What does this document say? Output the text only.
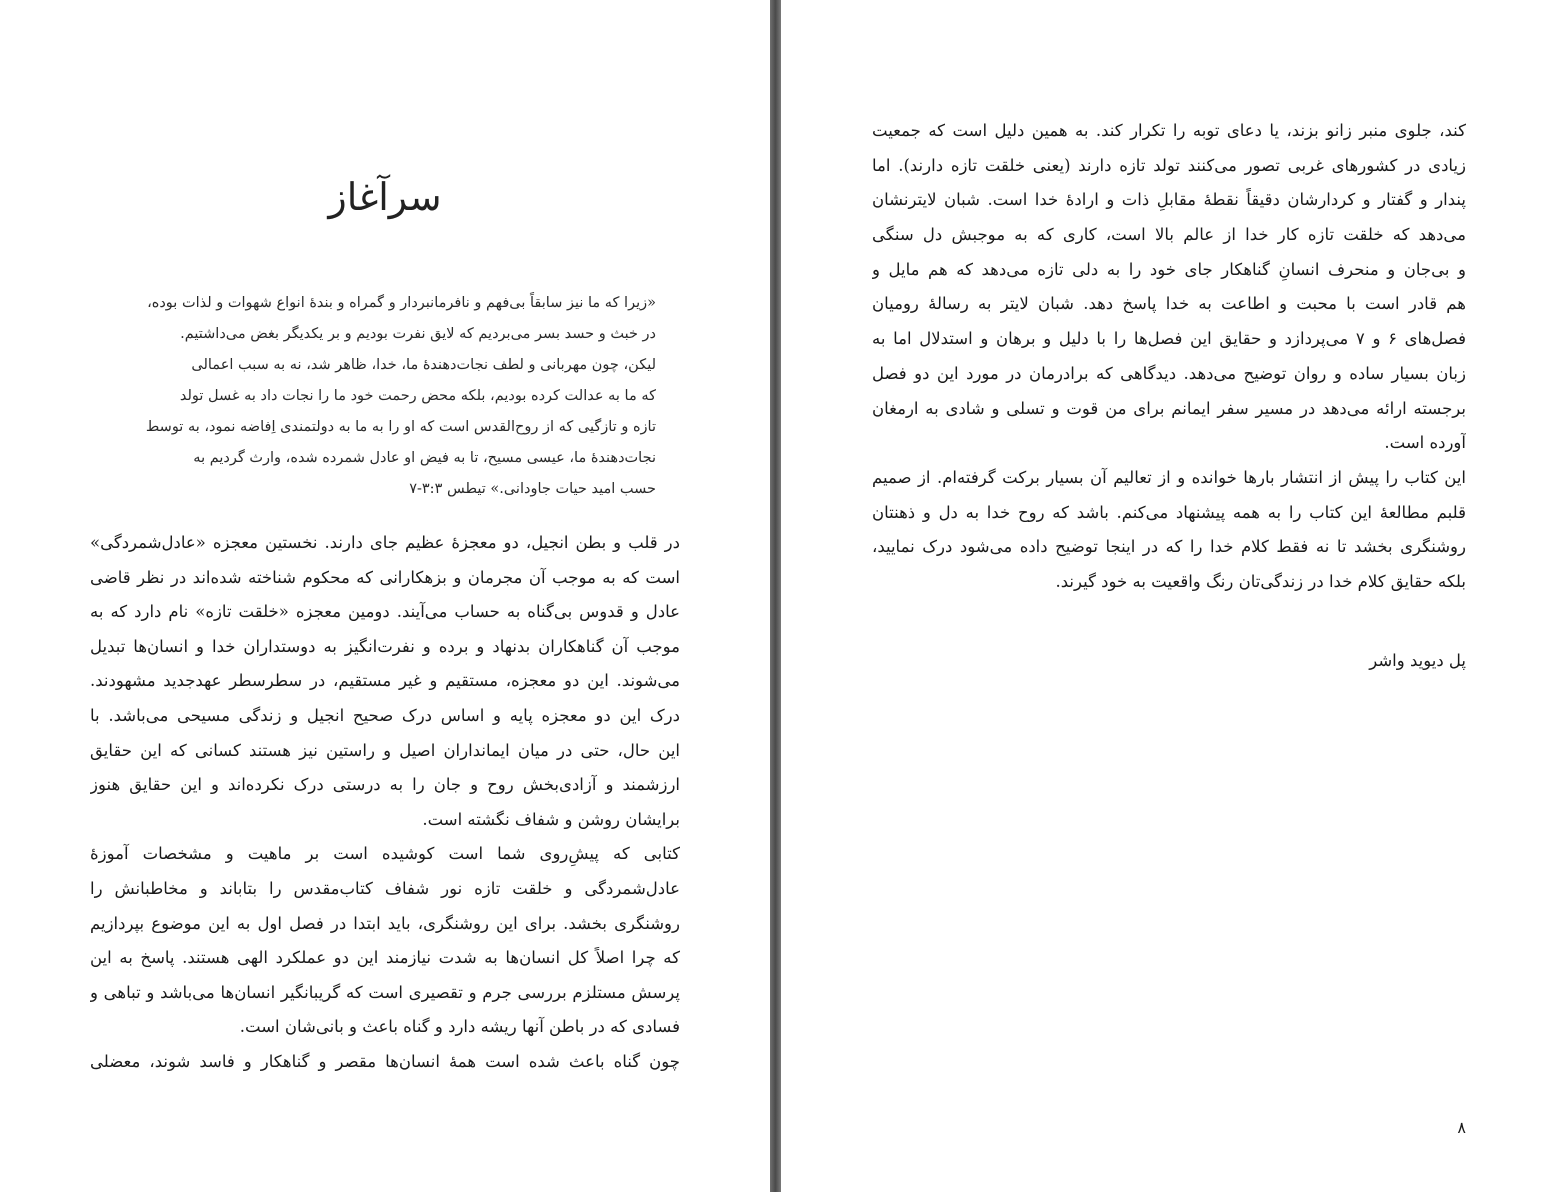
سرآغاز
«زیرا که ما نیز سابقاً بی‌فهم و نافرمانبردار و گمراه و بندهٔ انواع شهوات و لذات بوده،
در خبث و حسد بسر می‌بردیم که لایق نفرت بودیم و بر یکدیگر بغض می‌داشتیم.
لیکن، چون مهربانی و لطف نجات‌دهندهٔ ما، خدا، ظاهر شد، نه به سبب اعمالی
که ما به عدالت کرده بودیم، بلکه محض رحمت خود ما را نجات داد به غسل تولد
تازه و تازگیی که از روح‌القدس است که او را به ما به دولتمندی اِفاضه نمود، به توسط
نجات‌دهندهٔ ما، عیسی مسیح، تا به فیض او عادل شمرده شده، وارث گردیم به
حسب امید حیات جاودانی.» تیطس ۳:۳-۷
در قلب و بطن انجیل، دو معجزهٔ عظیم جای دارند. نخستین معجزه «عادل‌شمردگی»
است که به موجب آن مجرمان و بزهکارانی که محکوم شناخته شده‌اند در نظر قاضی
عادل و قدوس بی‌گناه به حساب می‌آیند. دومین معجزه «خلقت تازه» نام دارد که به
موجب آن گناهکاران بدنهاد و برده و نفرت‌انگیز به دوستداران خدا و انسان‌ها تبدیل
می‌شوند. این دو معجزه، مستقیم و غیر مستقیم، در سطرسطر عهدجدید مشهودند.
درک این دو معجزه پایه و اساس درک صحیح انجیل و زندگی مسیحی می‌باشد. با
این حال، حتی در میان ایمانداران اصیل و راستین نیز هستند کسانی که این حقایق
ارزشمند و آزادی‌بخش روح و جان را به درستی درک نکرده‌اند و این حقایق هنوز
برایشان روشن و شفاف نگشته است.
کتابی که پیش‌ِروی شما است کوشیده است بر ماهیت و مشخصات آموزهٔ
عادل‌شمردگی و خلقت تازه نور شفاف کتاب‌مقدس را بتاباند و مخاطبانش را
روشنگری بخشد. برای این روشنگری، باید ابتدا در فصل اول به این موضوع بپردازیم
که چرا اصلاً کل انسان‌ها به شدت نیازمند این دو عملکرد الهی هستند. پاسخ به این
پرسش مستلزم بررسی جرم و تقصیری است که گریبانگیر انسان‌ها می‌باشد و تباهی و
فسادی که در باطن آنها ریشه دارد و گناه باعث و بانی‌شان است.
چون گناه باعث شده است همهٔ انسان‌ها مقصر و گناهکار و فاسد شوند، معضلی
کند، جلوی منبر زانو بزند، یا دعای توبه را تکرار کند. به همین دلیل است که جمعیت
زیادی در کشورهای غربی تصور می‌کنند تولد تازه دارند (یعنی خلقت تازه دارند). اما
پندار و گفتار و کردارشان دقیقاً نقطهٔ مقابلِ ذات و ارادهٔ خدا است. شبان لایترنشان
می‌دهد که خلقت تازه کار خدا از عالم بالا است، کاری که به موجبش دل سنگی
و بی‌جان و منحرف انسانِ گناهکار جای خود را به دلی تازه می‌دهد که هم مایل و
هم قادر است با محبت و اطاعت به خدا پاسخ دهد. شبان لایتر به رسالهٔ رومیان
فصل‌های ۶ و ۷ می‌پردازد و حقایق این فصل‌ها را با دلیل و برهان و استدلال اما به
زبان بسیار ساده و روان توضیح می‌دهد. دیدگاهی که برادرمان در مورد این دو فصل
برجسته ارائه می‌دهد در مسیر سفر ایمانم برای من قوت و تسلی و شادی به ارمغان
آورده است.
این کتاب را پیش از انتشار بارها خوانده و از تعالیم آن بسیار برکت گرفته‌ام. از صمیم
قلبم مطالعهٔ این کتاب را به همه پیشنهاد می‌کنم. باشد که روح خدا به دل و ذهنتان
روشنگری بخشد تا نه فقط کلام خدا را که در اینجا توضیح داده می‌شود درک نمایید،
بلکه حقایق کلام خدا در زندگی‌تان رنگ واقعیت به خود گیرند.
پل دیوید واشر
۸
